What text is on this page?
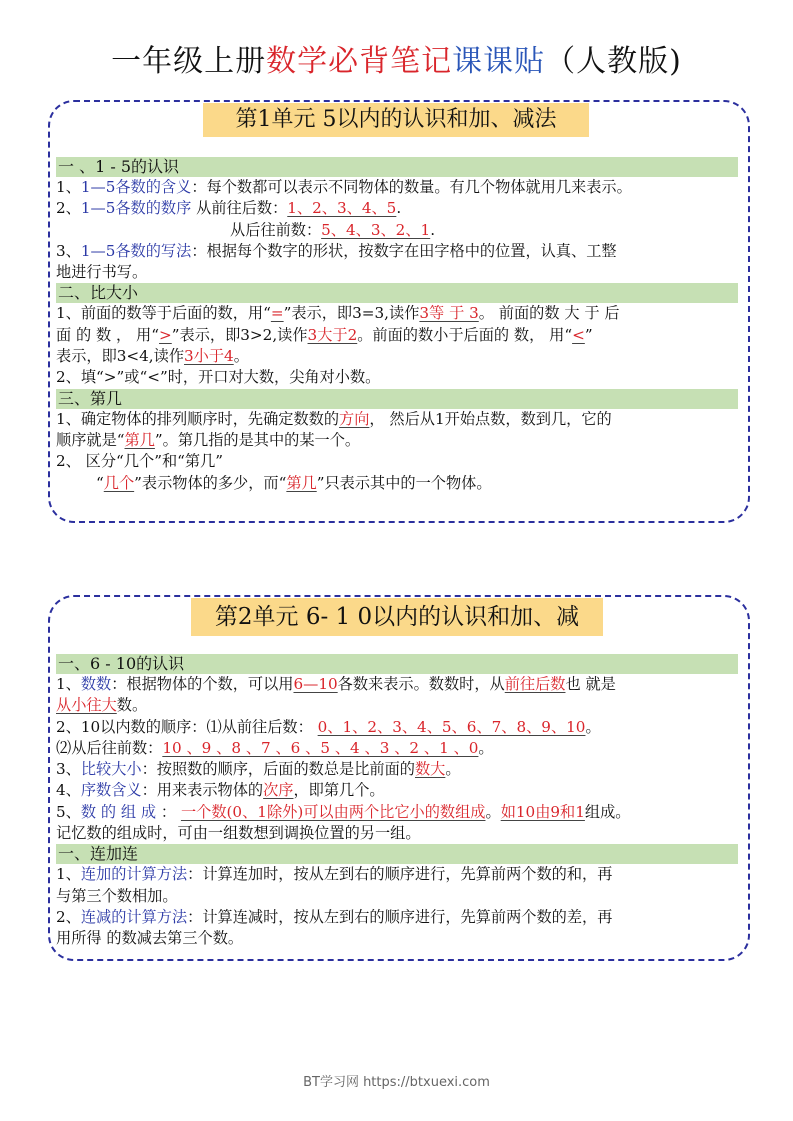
一年级上册数学必背笔记课课贴（人教版)
第1单元 5以内的认识和加、减法
一 、1 - 5的认识
1、1—5各数的含义：每个数都可以表示不同物体的数量。有几个物体就用几来表示。
2、1—5各数的数序 从前往后数：1、2、3、4、5.
从后往前数：5、4、3、2、1.
3、1—5各数的写法：根据每个数字的形状，按数字在田字格中的位置，认真、工整
地进行书写。
二、比大小
1、前面的数等于后面的数，用“=”表示，即3=3,读作3等 于 3。 前面的数 大 于 后
面 的 数 ， 用“>”表示，即3>2,读作3大于2。前面的数小于后面的 数， 用“<”
表示，即3<4,读作3小于4。
2、填“>”或“<”时，开口对大数，尖角对小数。
三、第几
1、确定物体的排列顺序时，先确定数数的方向， 然后从1开始点数，数到几，它的
顺序就是“第几”。第几指的是其中的某一个。
2、 区分“几个”和“第几”
“几个”表示物体的多少，而“第几”只表示其中的一个物体。
第2单元 6- 1 0以内的认识和加、减
一、6 - 10的认识
1、数数：根据物体的个数，可以用6—10各数来表示。数数时，从前往后数也 就是
从小往大数。
2、10以内数的顺序：⑴从前往后数： 0、1、2、3、4、5、6、7、8、9、10。
⑵从后往前数：10 、9 、8 、7 、6 、5 、4 、3 、2 、1 、0。
3、比较大小：按照数的顺序，后面的数总是比前面的数大。
4、序数含义：用来表示物体的次序，即第几个。
5、数 的 组 成 ： 一个数(0、1除外)可以由两个比它小的数组成。如10由9和1组成。
记忆数的组成时，可由一组数想到调换位置的另一组。
一、连加连
1、连加的计算方法：计算连加时，按从左到右的顺序进行，先算前两个数的和，再
与第三个数相加。
2、连减的计算方法：计算连减时，按从左到右的顺序进行，先算前两个数的差，再
用所得 的数减去第三个数。
BT学习网 https://btxuexi.com
